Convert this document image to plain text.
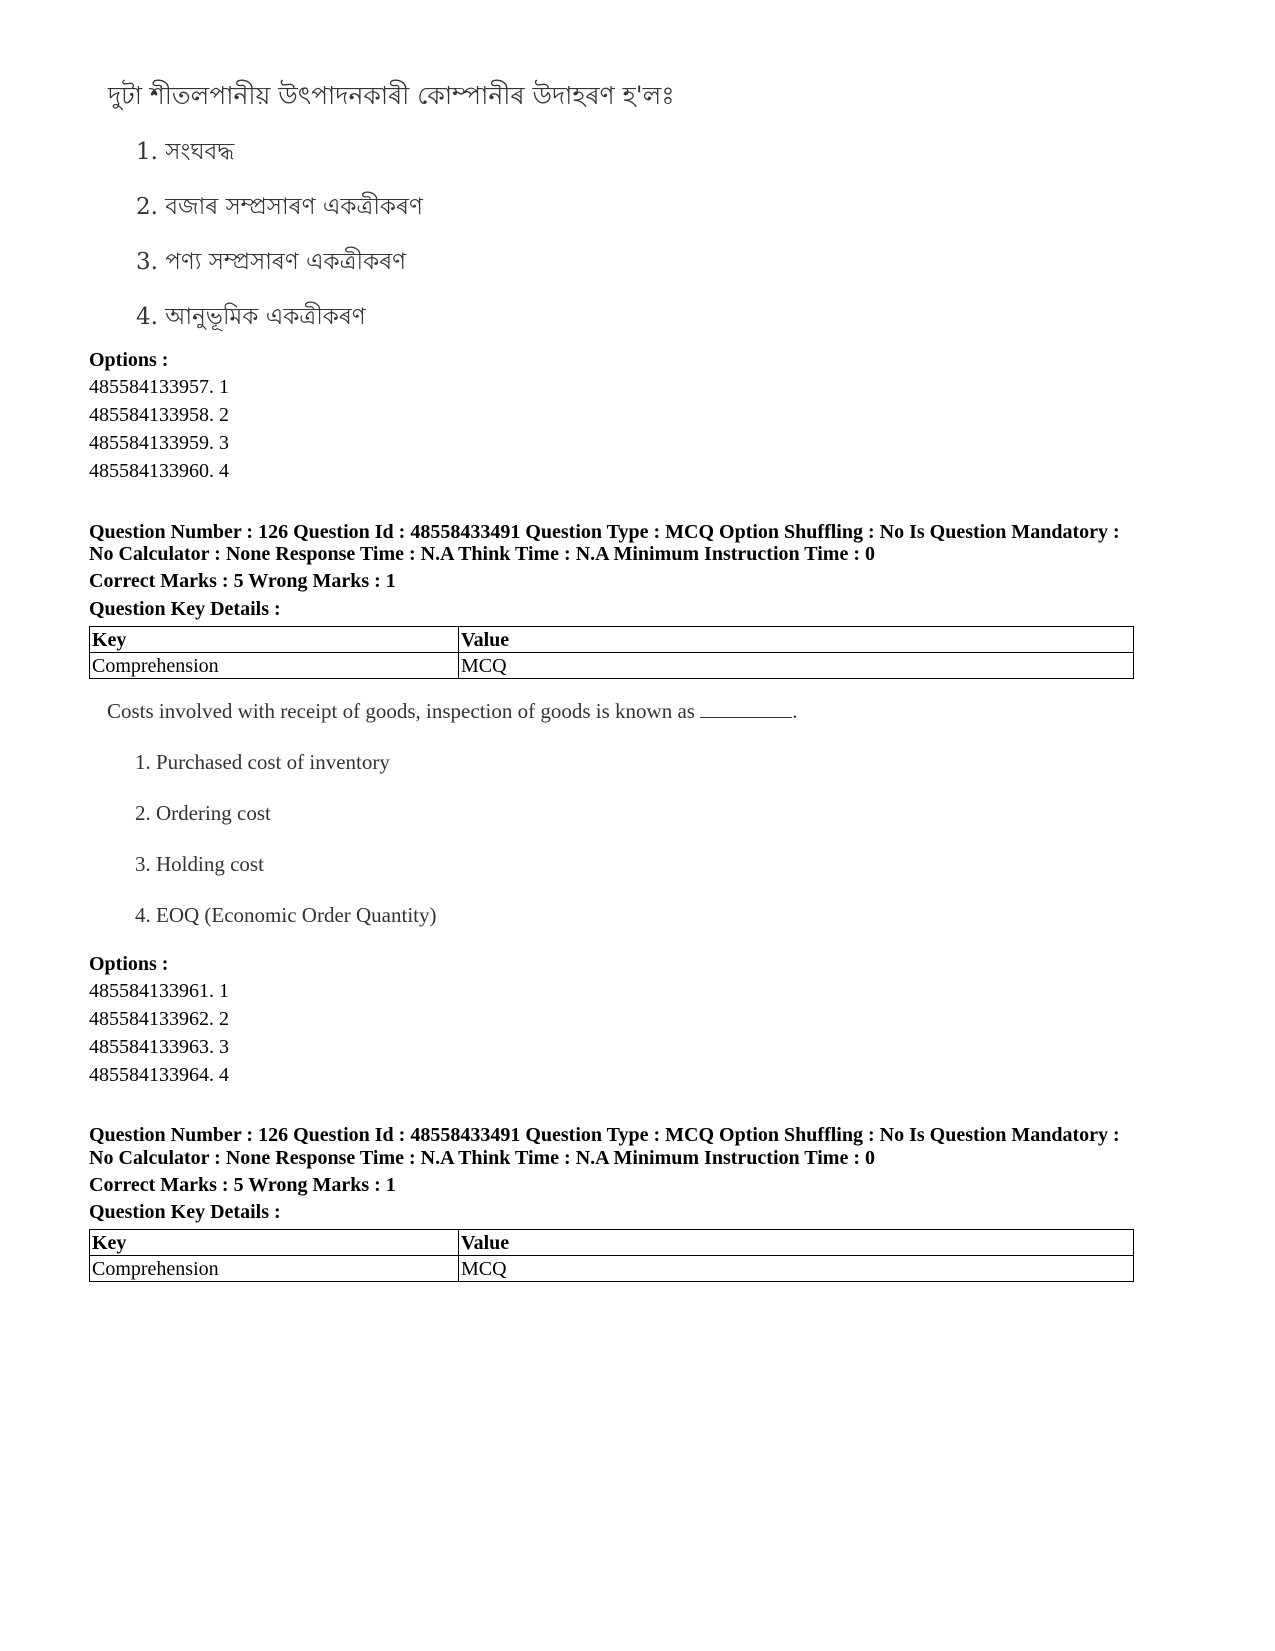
দুটা শীতলপানীয় উৎপাদনকাৰী কোম্পানীৰ উদাহৰণ হ'লঃ
1. সংঘবদ্ধ
2. বজাৰ সম্প্ৰসাৰণ একত্ৰীকৰণ
3. পণ্য সম্প্ৰসাৰণ একত্ৰীকৰণ
4. আনুভূমিক একত্ৰীকৰণ
Options :
485584133957. 1
485584133958. 2
485584133959. 3
485584133960. 4
Question Number : 126 Question Id : 48558433491 Question Type : MCQ Option Shuffling : No Is Question Mandatory :
No Calculator : None Response Time : N.A Think Time : N.A Minimum Instruction Time : 0
Correct Marks : 5 Wrong Marks : 1
Question Key Details :
Key	Value
Comprehension	MCQ
Costs involved with receipt of goods, inspection of goods is known as	.
1. Purchased cost of inventory
2. Ordering cost
3. Holding cost
4. EOQ (Economic Order Quantity)
Options :
485584133961. 1
485584133962. 2
485584133963. 3
485584133964. 4
Question Number : 126 Question Id : 48558433491 Question Type : MCQ Option Shuffling : No Is Question Mandatory :
No Calculator : None Response Time : N.A Think Time : N.A Minimum Instruction Time : 0
Correct Marks : 5 Wrong Marks : 1
Question Key Details :
Key	Value
Comprehension	MCQ
